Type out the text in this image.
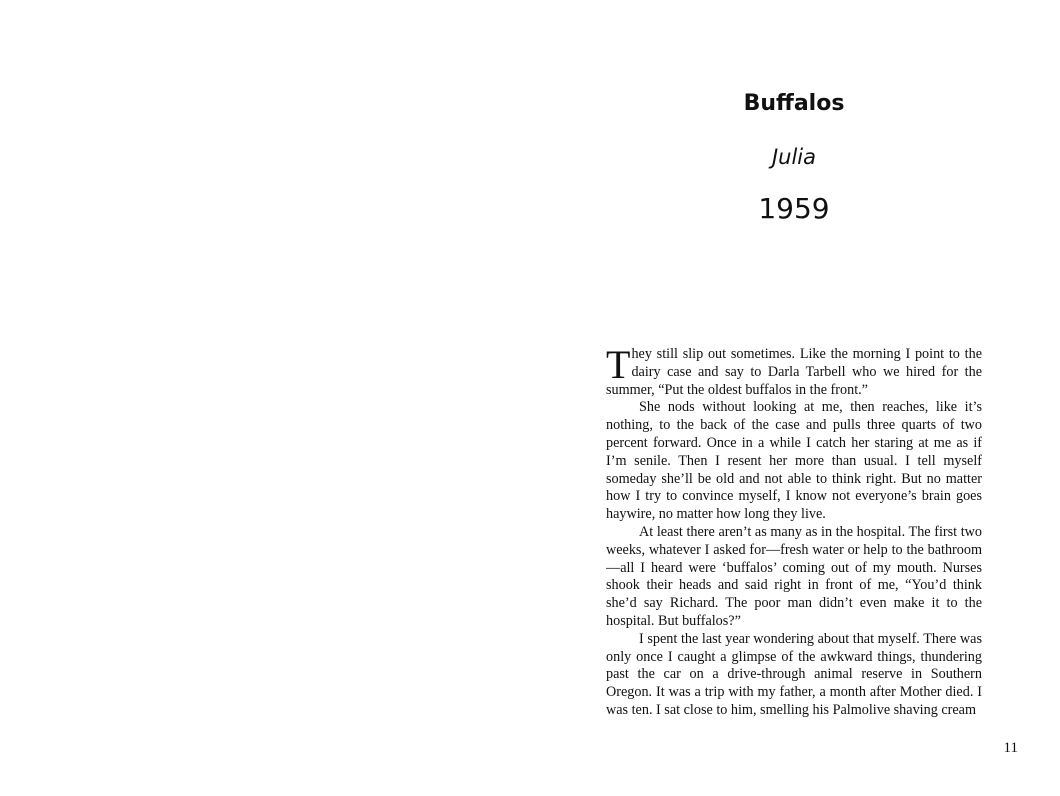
Buffalos
Julia
1959

They still slip out sometimes. Like the morning I point to the dairy case and say to Darla Tarbell who we hired for the summer, “Put the oldest buffalos in the front.”

She nods without looking at me, then reaches, like it’s nothing, to the back of the case and pulls three quarts of two percent forward. Once in a while I catch her staring at me as if I’m senile. Then I resent her more than usual. I tell myself someday she’ll be old and not able to think right. But no matter how I try to convince myself, I know not everyone’s brain goes haywire, no matter how long they live.

At least there aren’t as many as in the hospital. The first two weeks, whatever I asked for—fresh water or help to the bathroom—all I heard were ‘buffalos’ coming out of my mouth. Nurses shook their heads and said right in front of me, “You’d think she’d say Richard. The poor man didn’t even make it to the hospital. But buffalos?”

I spent the last year wondering about that myself. There was only once I caught a glimpse of the awkward things, thundering past the car on a drive-through animal reserve in Southern Oregon. It was a trip with my father, a month after Mother died. I was ten. I sat close to him, smelling his Palmolive shaving cream

11
